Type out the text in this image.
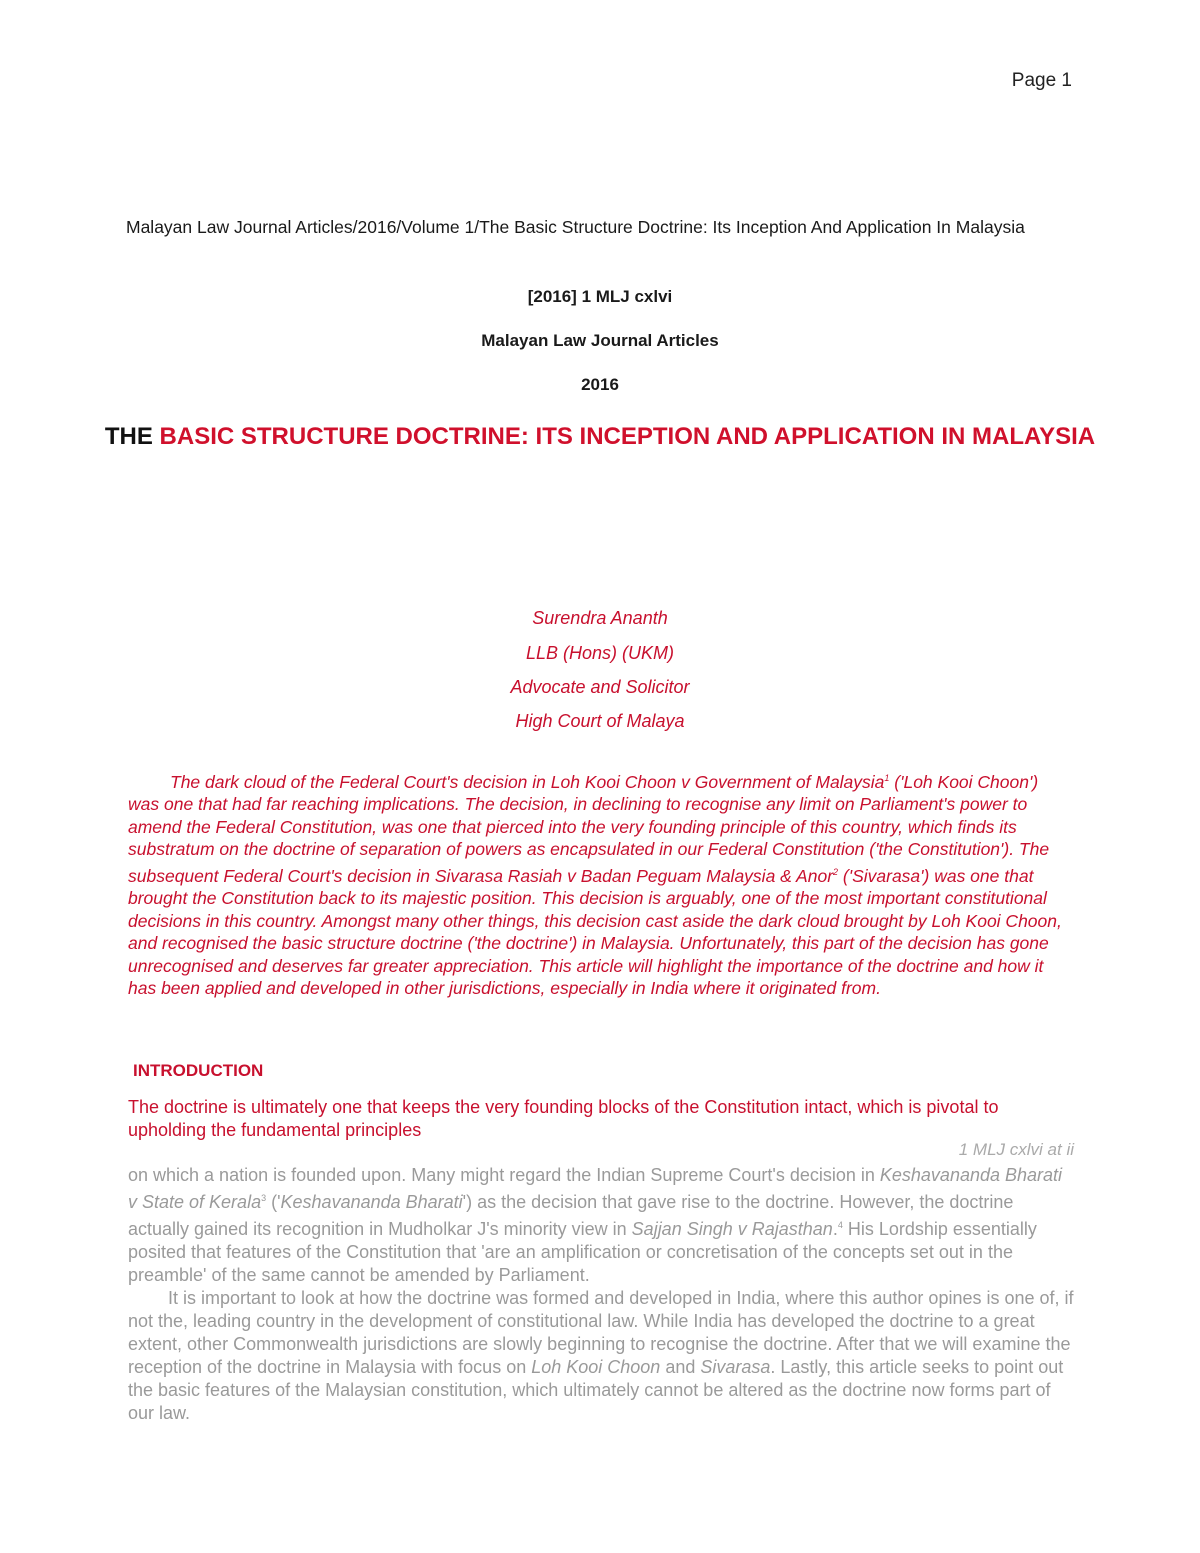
Page 1
Malayan Law Journal Articles/2016/Volume 1/The Basic Structure Doctrine: Its Inception And Application In Malaysia
[2016] 1 MLJ cxlvi
Malayan Law Journal Articles
2016
THE BASIC STRUCTURE DOCTRINE: ITS INCEPTION AND APPLICATION IN MALAYSIA
Surendra Ananth
LLB (Hons) (UKM)
Advocate and Solicitor
High Court of Malaya

The dark cloud of the Federal Court's decision in Loh Kooi Choon v Government of Malaysia$^1$ ('Loh Kooi Choon') was one that had far reaching implications. The decision, in declining to recognise any limit on Parliament's power to amend the Federal Constitution, was one that pierced into the very founding principle of this country, which finds its substratum on the doctrine of separation of powers as encapsulated in our Federal Constitution ('the Constitution'). The subsequent Federal Court's decision in Sivarasa Rasiah v Badan Peguam Malaysia & Anor$^2$ ('Sivarasa') was one that brought the Constitution back to its majestic position. This decision is arguably, one of the most important constitutional decisions in this country. Amongst many other things, this decision cast aside the dark cloud brought by Loh Kooi Choon, and recognised the basic structure doctrine ('the doctrine') in Malaysia. Unfortunately, this part of the decision has gone unrecognised and deserves far greater appreciation. This article will highlight the importance of the doctrine and how it has been applied and developed in other jurisdictions, especially in India where it originated from.

INTRODUCTION

The doctrine is ultimately one that keeps the very founding blocks of the Constitution intact, which is pivotal to upholding the fundamental principles

1 MLJ cxlvi at ii

on which a nation is founded upon. Many might regard the Indian Supreme Court's decision in Keshavananda Bharati v State of Kerala$^3$ ('Keshavananda Bharati') as the decision that gave rise to the doctrine. However, the doctrine actually gained its recognition in Mudholkar J's minority view in Sajjan Singh v Rajasthan.$^4$ His Lordship essentially posited that features of the Constitution that 'are an amplification or concretisation of the concepts set out in the preamble' of the same cannot be amended by Parliament.

It is important to look at how the doctrine was formed and developed in India, where this author opines is one of, if not the, leading country in the development of constitutional law. While India has developed the doctrine to a great extent, other Commonwealth jurisdictions are slowly beginning to recognise the doctrine. After that we will examine the reception of the doctrine in Malaysia with focus on Loh Kooi Choon and Sivarasa. Lastly, this article seeks to point out the basic features of the Malaysian constitution, which ultimately cannot be altered as the doctrine now forms part of our law.
